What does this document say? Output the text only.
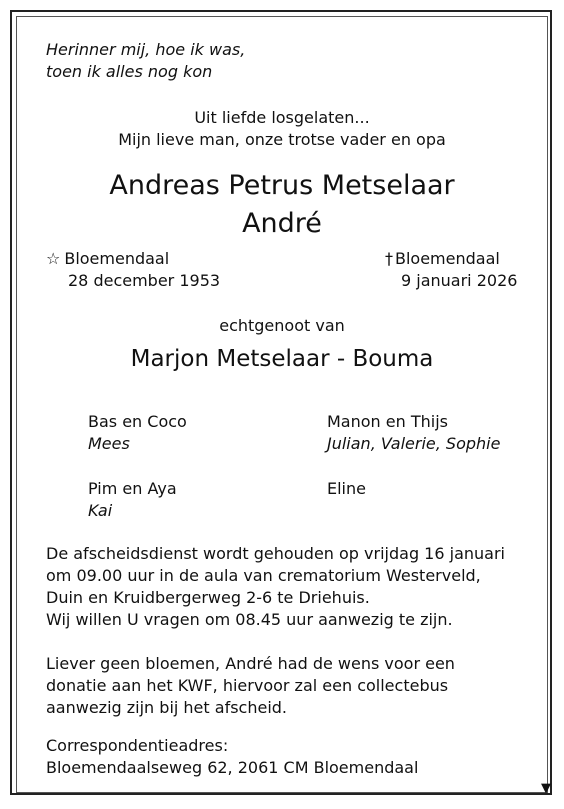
Herinner mij, hoe ik was,
toen ik alles nog kon
Uit liefde losgelaten...
Mijn lieve man, onze trotse vader en opa
Andreas Petrus Metselaar
André
☆ Bloemendaal
28 december 1953
† Bloemendaal
9 januari 2026
echtgenoot van
Marjon Metselaar - Bouma
Bas en Coco
Mees
Manon en Thijs
Julian, Valerie, Sophie
Pim en Aya
Kai
Eline
De afscheidsdienst wordt gehouden op vrijdag 16 januari
om 09.00 uur in de aula van crematorium Westerveld,
Duin en Kruidbergerweg 2-6 te Driehuis.
Wij willen U vragen om 08.45 uur aanwezig te zijn.
Liever geen bloemen, André had de wens voor een
donatie aan het KWF, hiervoor zal een collectebus
aanwezig zijn bij het afscheid.
Correspondentieadres:
Bloemendaalseweg 62, 2061 CM Bloemendaal
▼
